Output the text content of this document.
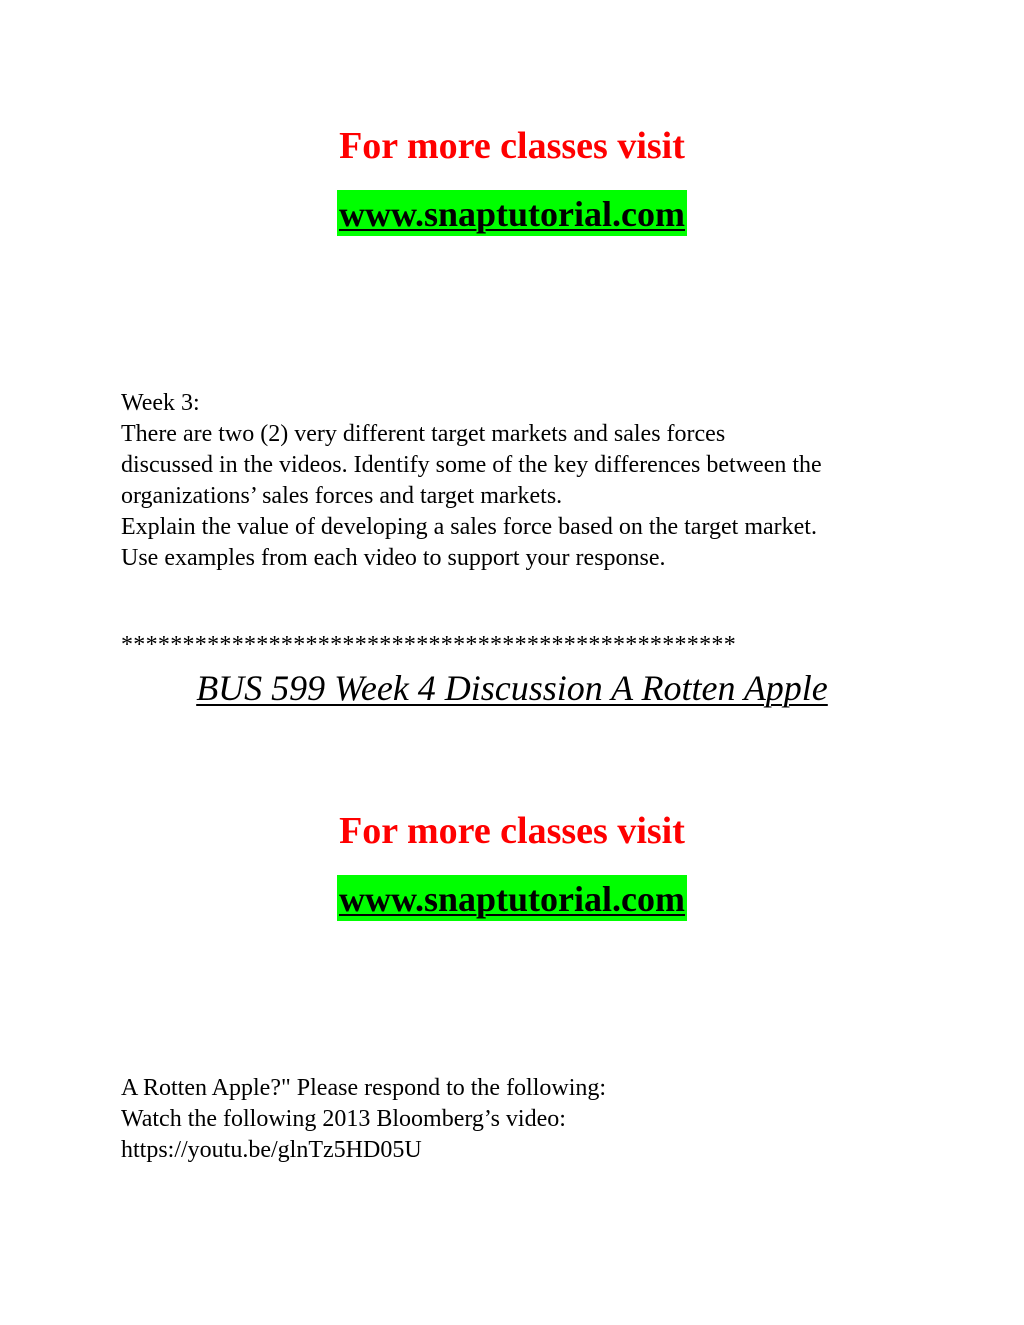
For more classes visit
www.snaptutorial.com

Week 3:

There are two (2) very different target markets and sales forces

discussed in the videos. Identify some of the key differences between the

organizations’ sales forces and target markets.

Explain the value of developing a sales force based on the target market.

Use examples from each video to support your response.

**************************************************
BUS 599 Week 4 Discussion A Rotten Apple
For more classes visit
www.snaptutorial.com

A Rotten Apple?" Please respond to the following:

Watch the following 2013 Bloomberg’s video:

https://youtu.be/glnTz5HD05U
